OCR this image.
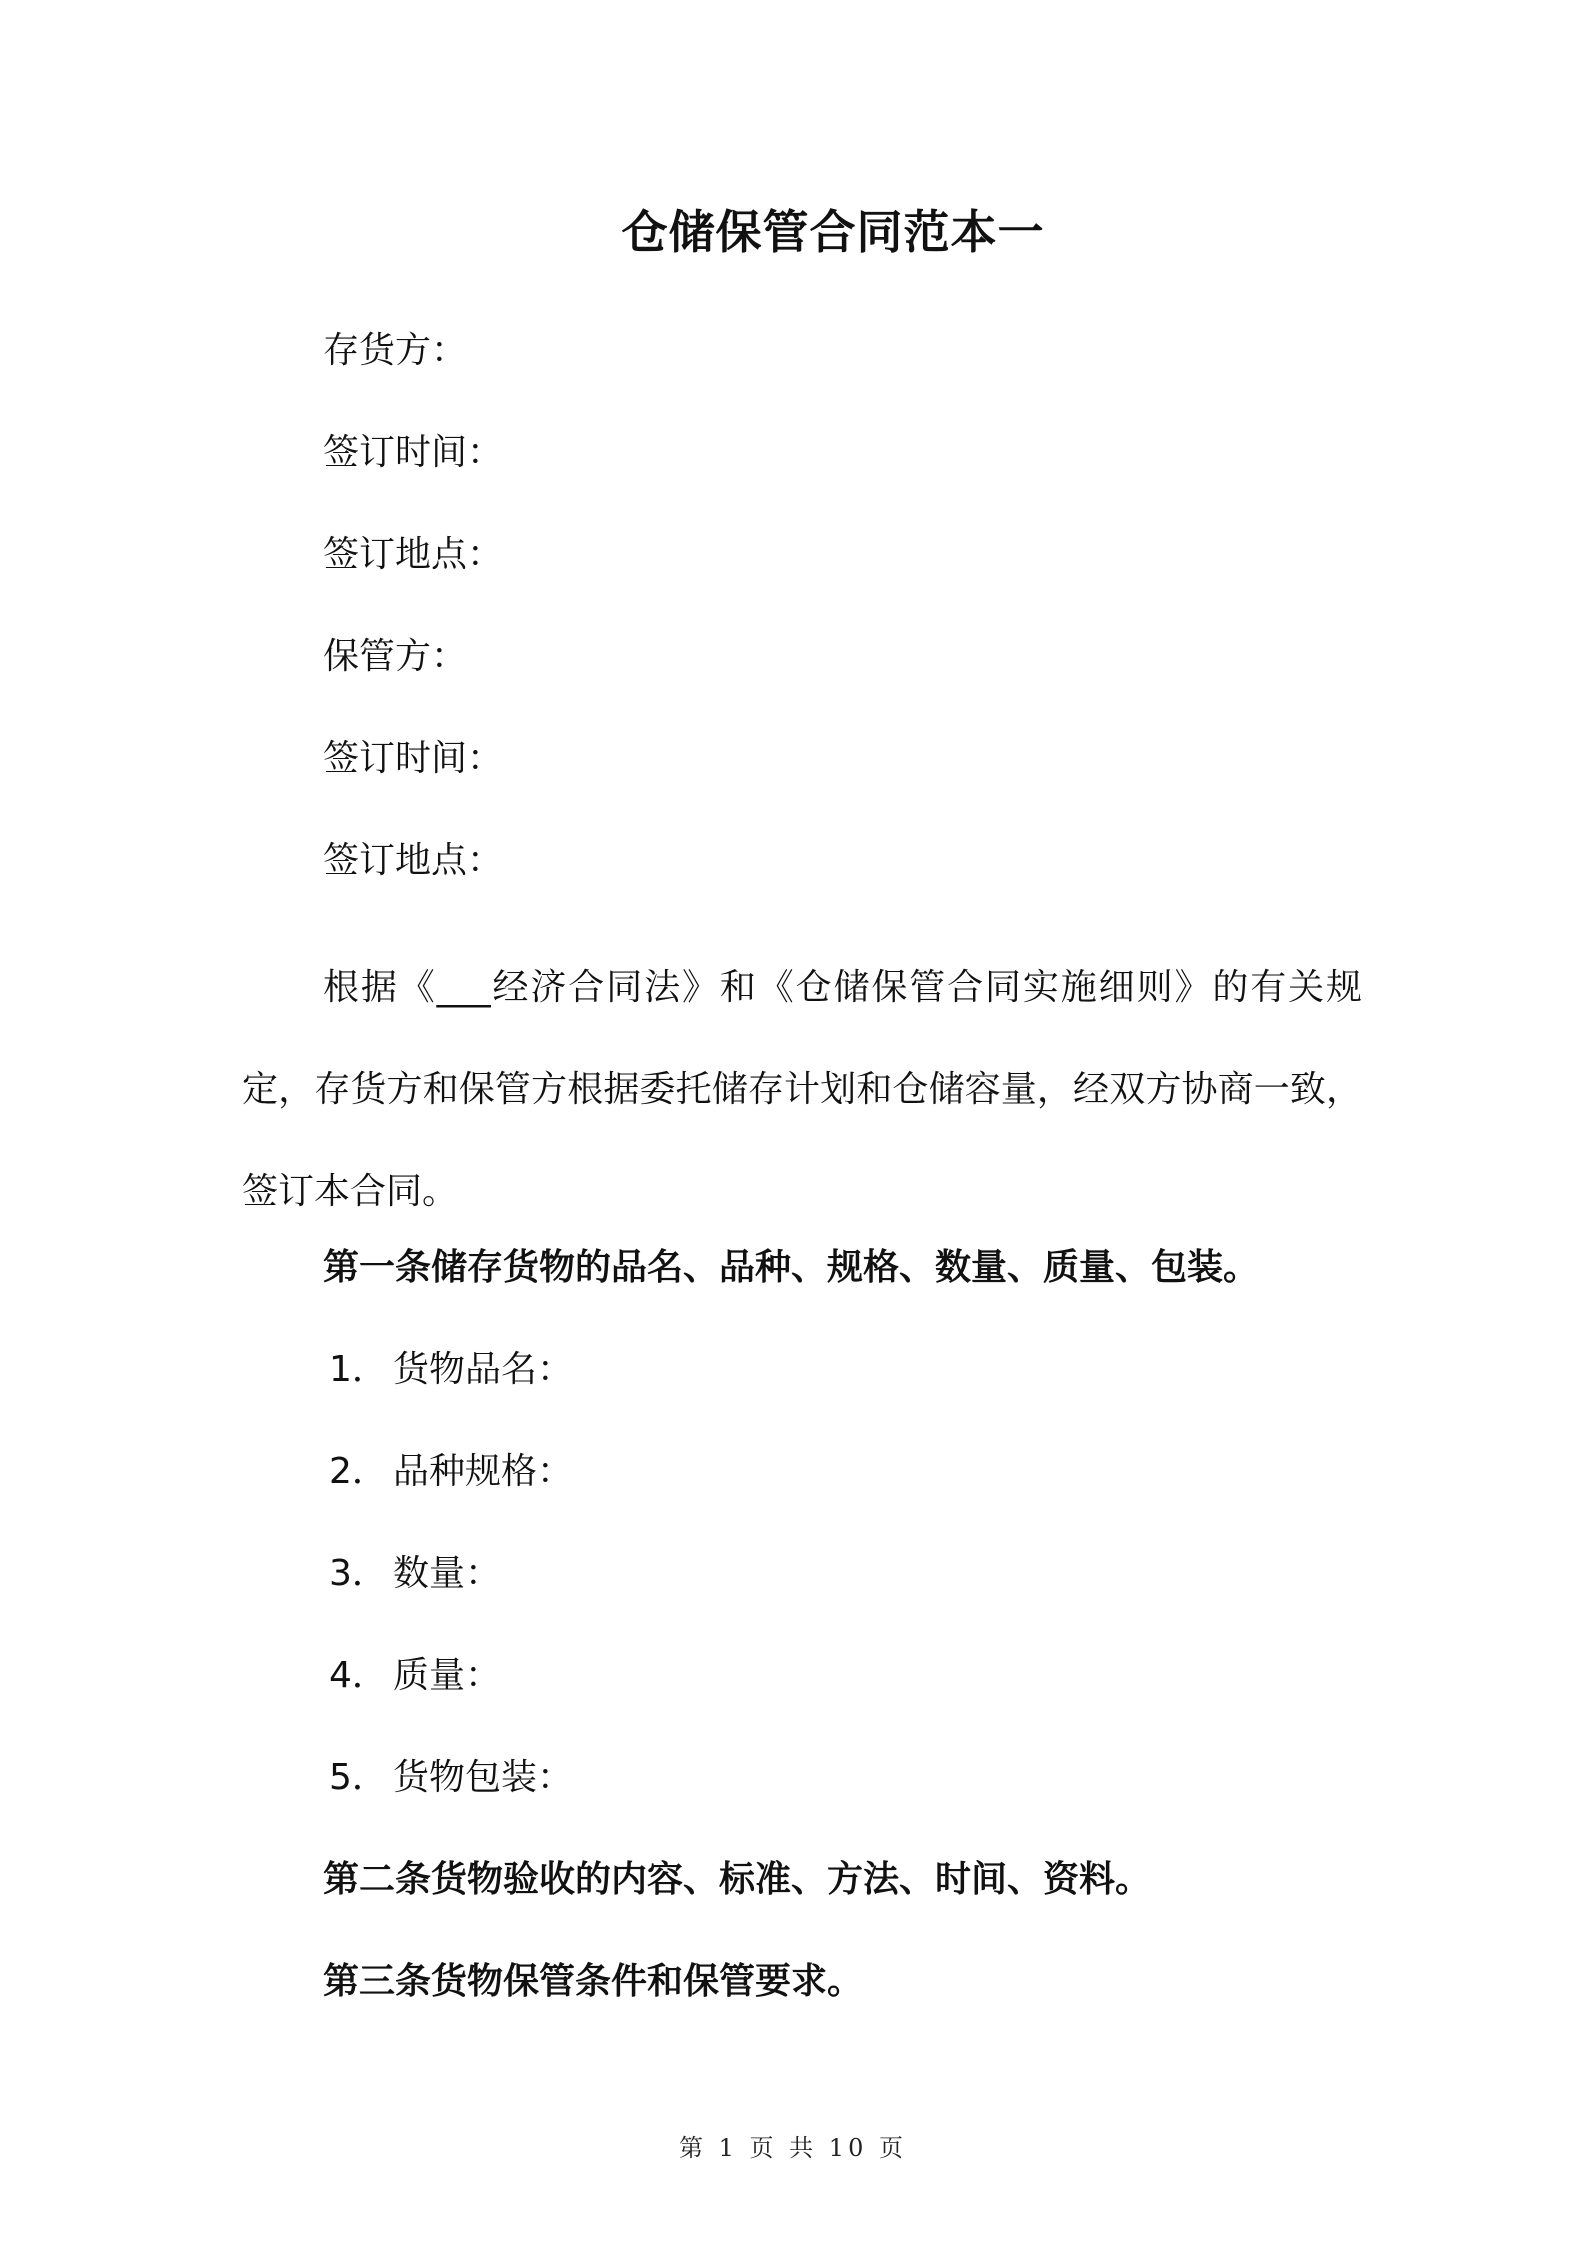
仓储保管合同范本一
存货方：
签订时间：
签订地点：
保管方：
签订时间：
签订地点：
根据《___经济合同法》和《仓储保管合同实施细则》的有关规定，存货方和保管方根据委托储存计划和仓储容量，经双方协商一致，签订本合同。
第一条储存货物的品名、品种、规格、数量、质量、包装。
1． 货物品名：
2． 品种规格：
3． 数量：
4． 质量：
5． 货物包装：
第二条货物验收的内容、标准、方法、时间、资料。
第三条货物保管条件和保管要求。
第 1 页 共 10 页
